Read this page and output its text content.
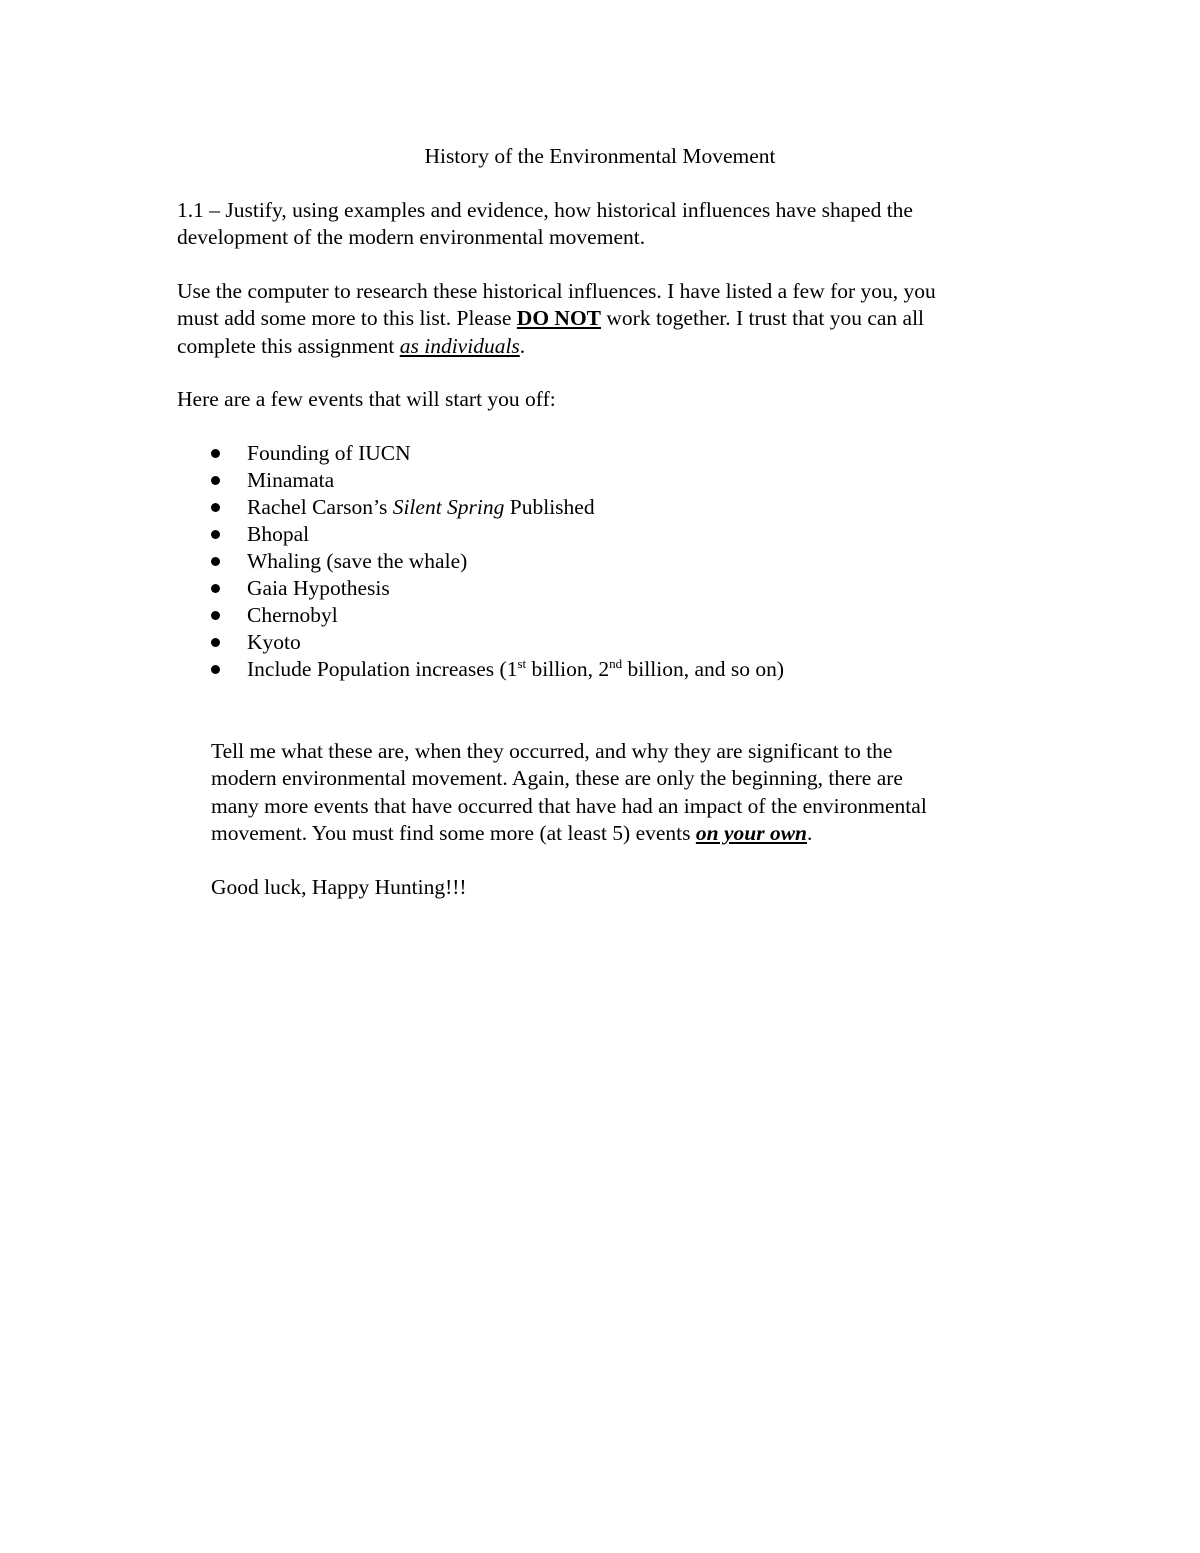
History of the Environmental Movement

1.1 – Justify, using examples and evidence, how historical influences have shaped the
development of the modern environmental movement.

Use the computer to research these historical influences. I have listed a few for you, you
must add some more to this list. Please DO NOT work together. I trust that you can all
complete this assignment as individuals.

Here are a few events that will start you off:

Founding of IUCN
Minamata
Rachel Carson’s Silent Spring Published
Bhopal
Whaling (save the whale)
Gaia Hypothesis
Chernobyl
Kyoto
Include Population increases (1st billion, 2nd billion, and so on)

Tell me what these are, when they occurred, and why they are significant to the
modern environmental movement. Again, these are only the beginning, there are
many more events that have occurred that have had an impact of the environmental
movement. You must find some more (at least 5) events on your own.

Good luck, Happy Hunting!!!
